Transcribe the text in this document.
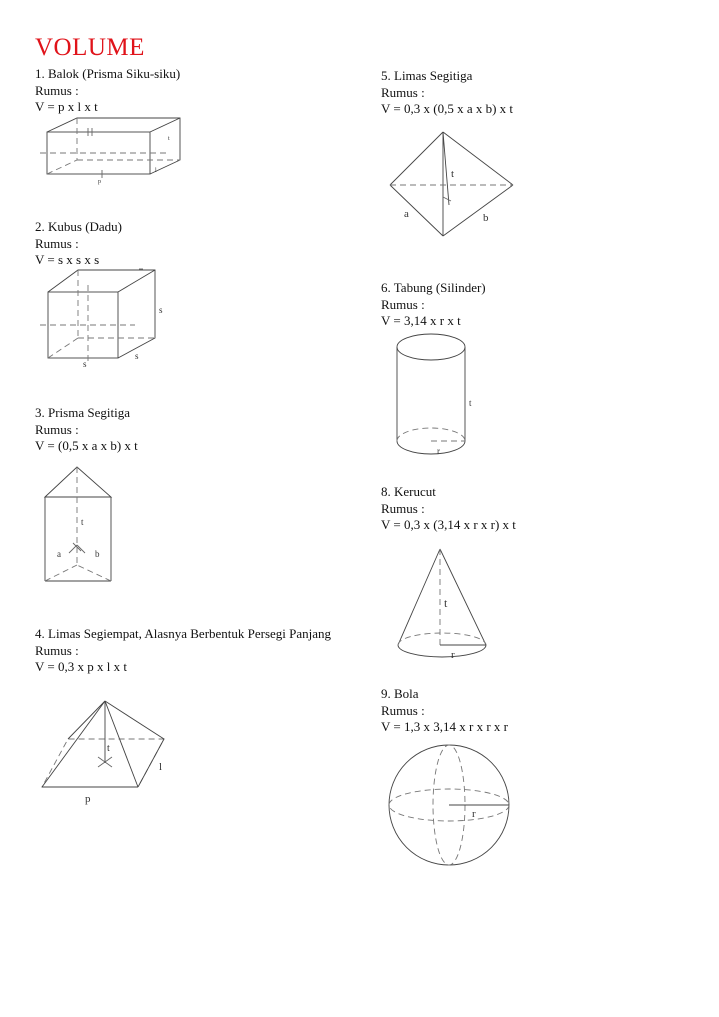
VOLUME
1. Balok (Prisma Siku-siku)
Rumus :
V = p x l x t
t
l
p
2. Kubus (Dadu)
Rumus :
V = s x s x s
s
s
s
3. Prisma Segitiga
Rumus :
V = (0,5 x a x b) x t
t
a	b
4. Limas Segiempat, Alasnya Berbentuk Persegi Panjang
Rumus :
V = 0,3 x p x l x t
t
l
p
5. Limas Segitiga
Rumus :
V = 0,3 x (0,5 x a x b) x t
t
a	b
6. Tabung (Silinder)
Rumus :
V = 3,14 x r x t
t
r
8. Kerucut
Rumus :
V = 0,3 x (3,14 x r x r) x t
t
r
9. Bola
Rumus :
V = 1,3 x 3,14 x r x r x r
r
